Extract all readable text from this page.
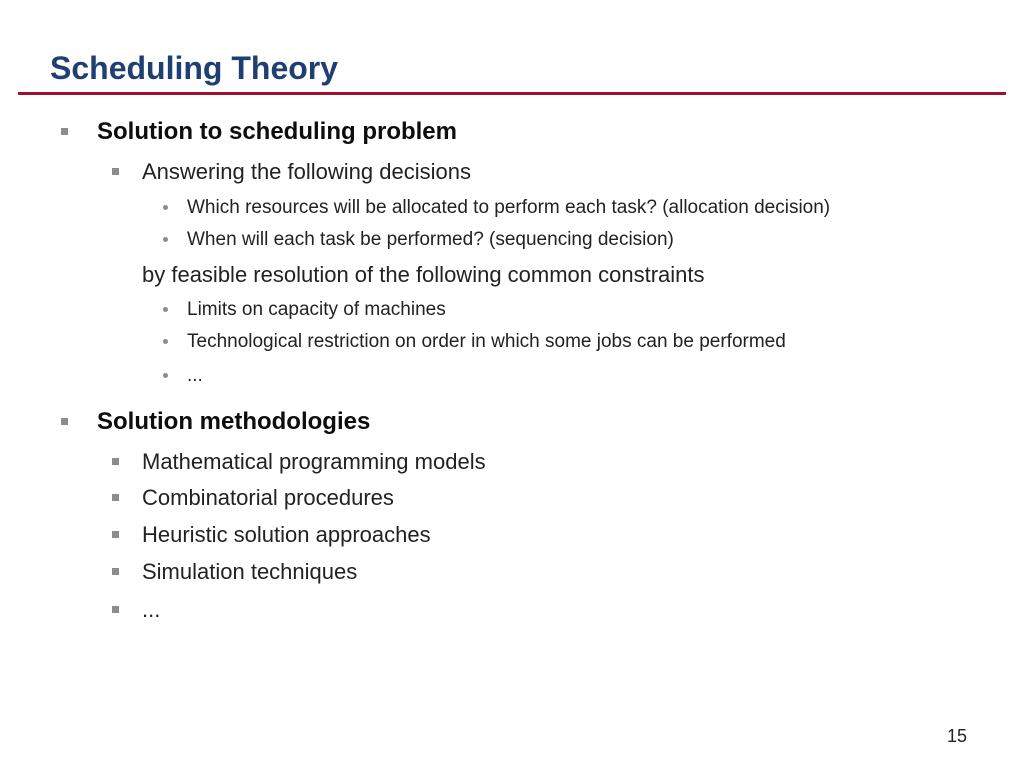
Scheduling Theory
Solution to scheduling problem
Answering the following decisions
Which resources will be allocated to perform each task? (allocation decision)
When will each task be performed? (sequencing decision)
by feasible resolution of the following common constraints
Limits on capacity of machines
Technological restriction on order in which some jobs can be performed
...
Solution methodologies
Mathematical programming models
Combinatorial procedures
Heuristic solution approaches
Simulation techniques
...
15
